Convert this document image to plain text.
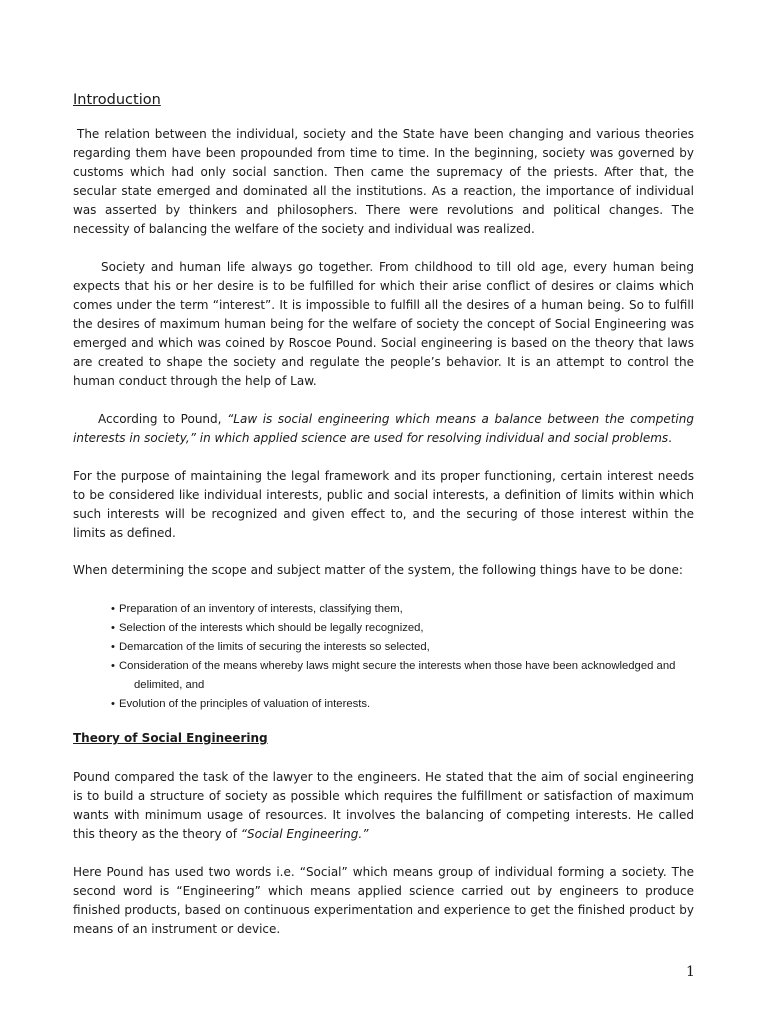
Introduction

The relation between the individual, society and the State have been changing and various theories regarding them have been propounded from time to time. In the beginning, society was governed by customs which had only social sanction. Then came the supremacy of the priests. After that, the secular state emerged and dominated all the institutions. As a reaction, the importance of individual was asserted by thinkers and philosophers. There were revolutions and political changes. The necessity of balancing the welfare of the society and individual was realized.

Society and human life always go together. From childhood to till old age, every human being expects that his or her desire is to be fulfilled for which their arise conflict of desires or claims which comes under the term “interest”. It is impossible to fulfill all the desires of a human being. So to fulfill the desires of maximum human being for the welfare of society the concept of Social Engineering was emerged and which was coined by Roscoe Pound. Social engineering is based on the theory that laws are created to shape the society and regulate the people’s behavior. It is an attempt to control the human conduct through the help of Law.

According to Pound, “Law is social engineering which means a balance between the competing interests in society,” in which applied science are used for resolving individual and social problems.

For the purpose of maintaining the legal framework and its proper functioning, certain interest needs to be considered like individual interests, public and social interests, a definition of limits within which such interests will be recognized and given effect to, and the securing of those interest within the limits as defined.

When determining the scope and subject matter of the system, the following things have to be done:

• Preparation of an inventory of interests, classifying them,
• Selection of the interests which should be legally recognized,
• Demarcation of the limits of securing the interests so selected,
• Consideration of the means whereby laws might secure the interests when those have been acknowledged and
delimited, and
• Evolution of the principles of valuation of interests.
Theory of Social Engineering

Pound compared the task of the lawyer to the engineers. He stated that the aim of social engineering is to build a structure of society as possible which requires the fulfillment or satisfaction of maximum wants with minimum usage of resources. It involves the balancing of competing interests. He called this theory as the theory of “Social Engineering.”

Here Pound has used two words i.e. “Social” which means group of individual forming a society. The second word is “Engineering” which means applied science carried out by engineers to produce finished products, based on continuous experimentation and experience to get the finished product by means of an instrument or device.

1
